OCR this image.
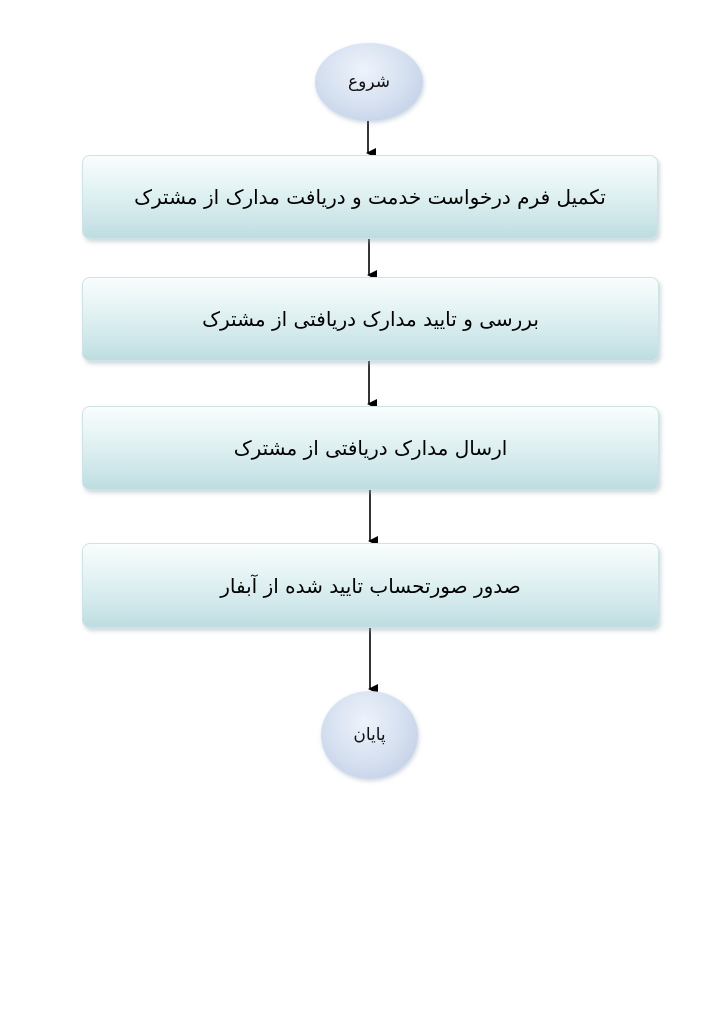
شروع
تکمیل فرم درخواست خدمت و دریافت مدارک از مشترک
بررسی و تایید مدارک دریافتی از مشترک
ارسال مدارک دریافتی از مشترک
صدور صورتحساب تایید شده از آبفار
پایان
